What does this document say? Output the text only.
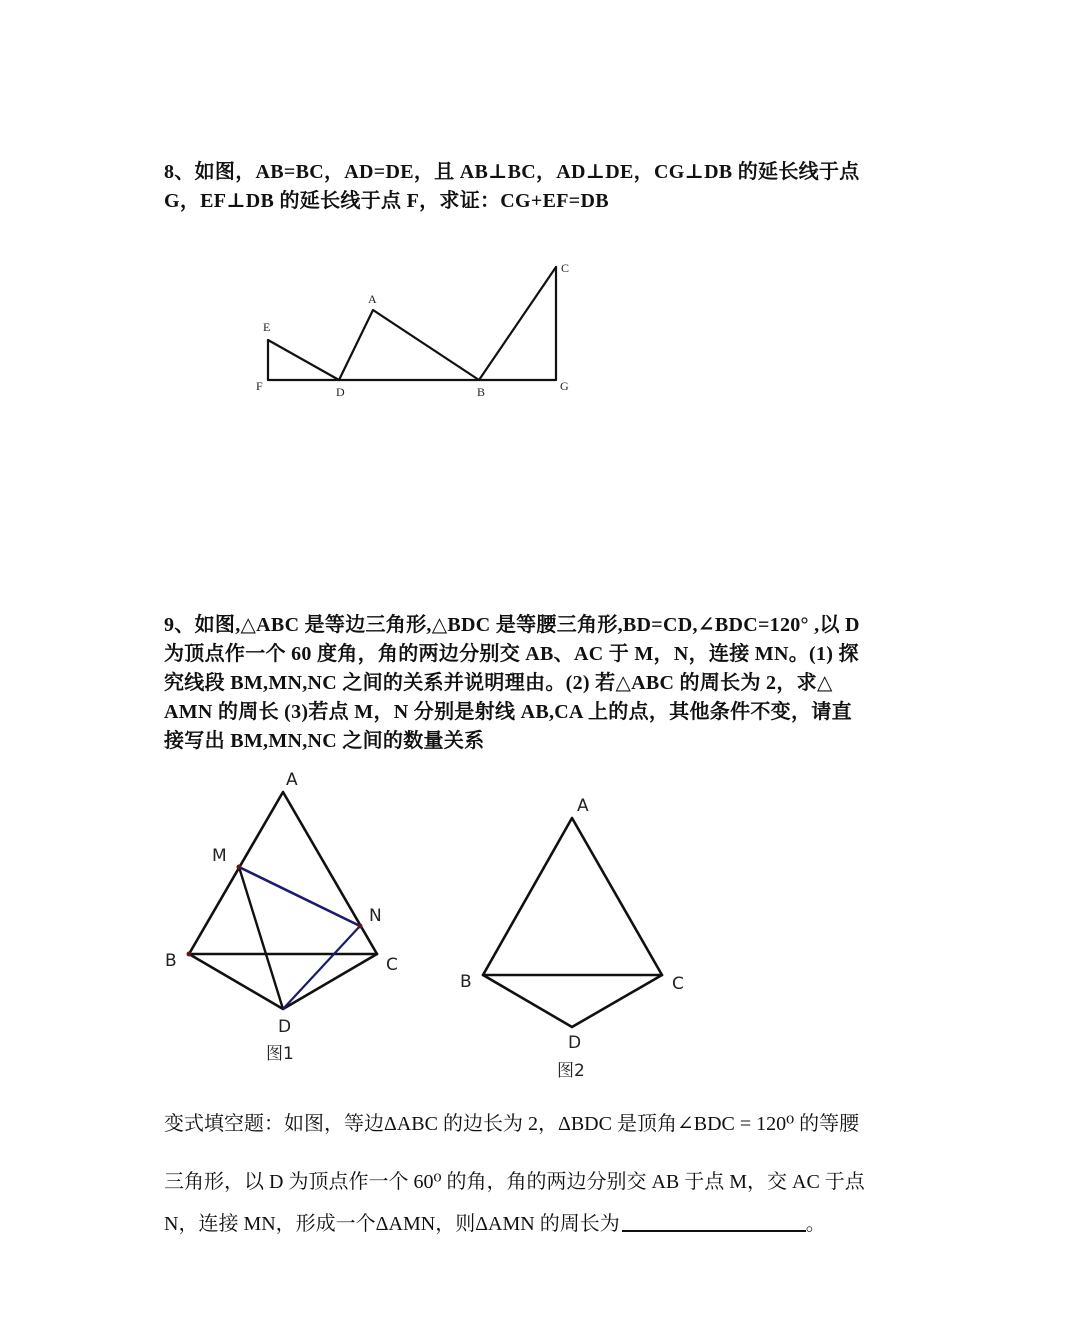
8、如图，AB=BC，AD=DE，且 AB⊥BC，AD⊥DE，CG⊥DB 的延长线于点
G，EF⊥DB 的延长线于点 F，求证：CG+EF=DB
E
F	D
A
B	G
C
A
M
N
B	C
D
图1
A
B	C
D
图2
9、如图,△ABC 是等边三角形,△BDC 是等腰三角形,BD=CD,∠BDC=120° ,以 D
为顶点作一个 60 度角，角的两边分别交 AB、AC 于 M，N，连接 MN。(1) 探
究线段 BM,MN,NC 之间的关系并说明理由。(2) 若△ABC 的周长为 2，求△
AMN 的周长 (3)若点 M，N 分别是射线 AB,CA 上的点，其他条件不变，请直
接写出 BM,MN,NC 之间的数量关系
变式填空题：如图，等边ΔABC 的边长为 2，ΔBDC 是顶角∠BDC = 120⁰ 的等腰
三角形，以 D 为顶点作一个 60⁰ 的角，角的两边分别交 AB 于点 M，交 AC 于点
N，连接 MN，形成一个ΔAMN，则ΔAMN 的周长为	。
